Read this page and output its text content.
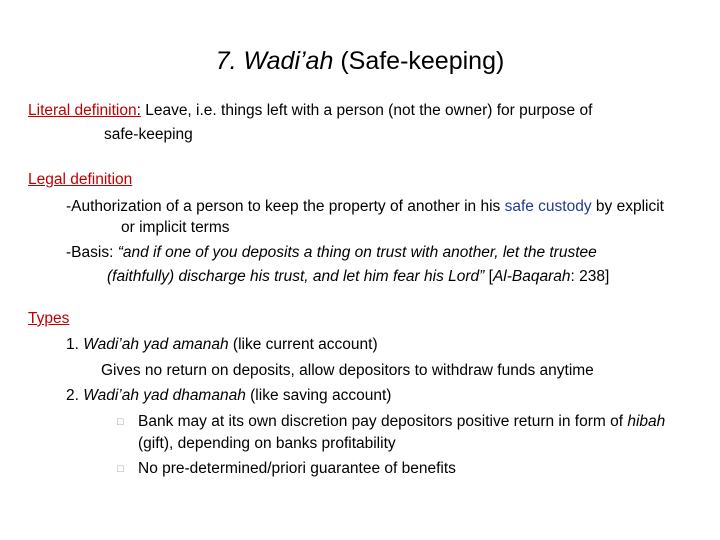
7. Wadi’ah (Safe-keeping)
Literal definition: Leave, i.e. things left with a person (not the owner) for purpose of
safe-keeping
Legal definition
-Authorization of a person to keep the property of another in his safe custody by explicit
or implicit terms
-Basis: “and if one of you deposits a thing on trust with another, let the trustee
(faithfully) discharge his trust, and let him fear his Lord” [Al-Baqarah: 238]
Types
1. Wadi’ah yad amanah (like current account)
Gives no return on deposits, allow depositors to withdraw funds anytime
2. Wadi’ah yad dhamanah (like saving account)
□ Bank may at its own discretion pay depositors positive return in form of hibah
(gift), depending on banks profitability
□ No pre-determined/priori guarantee of benefits
